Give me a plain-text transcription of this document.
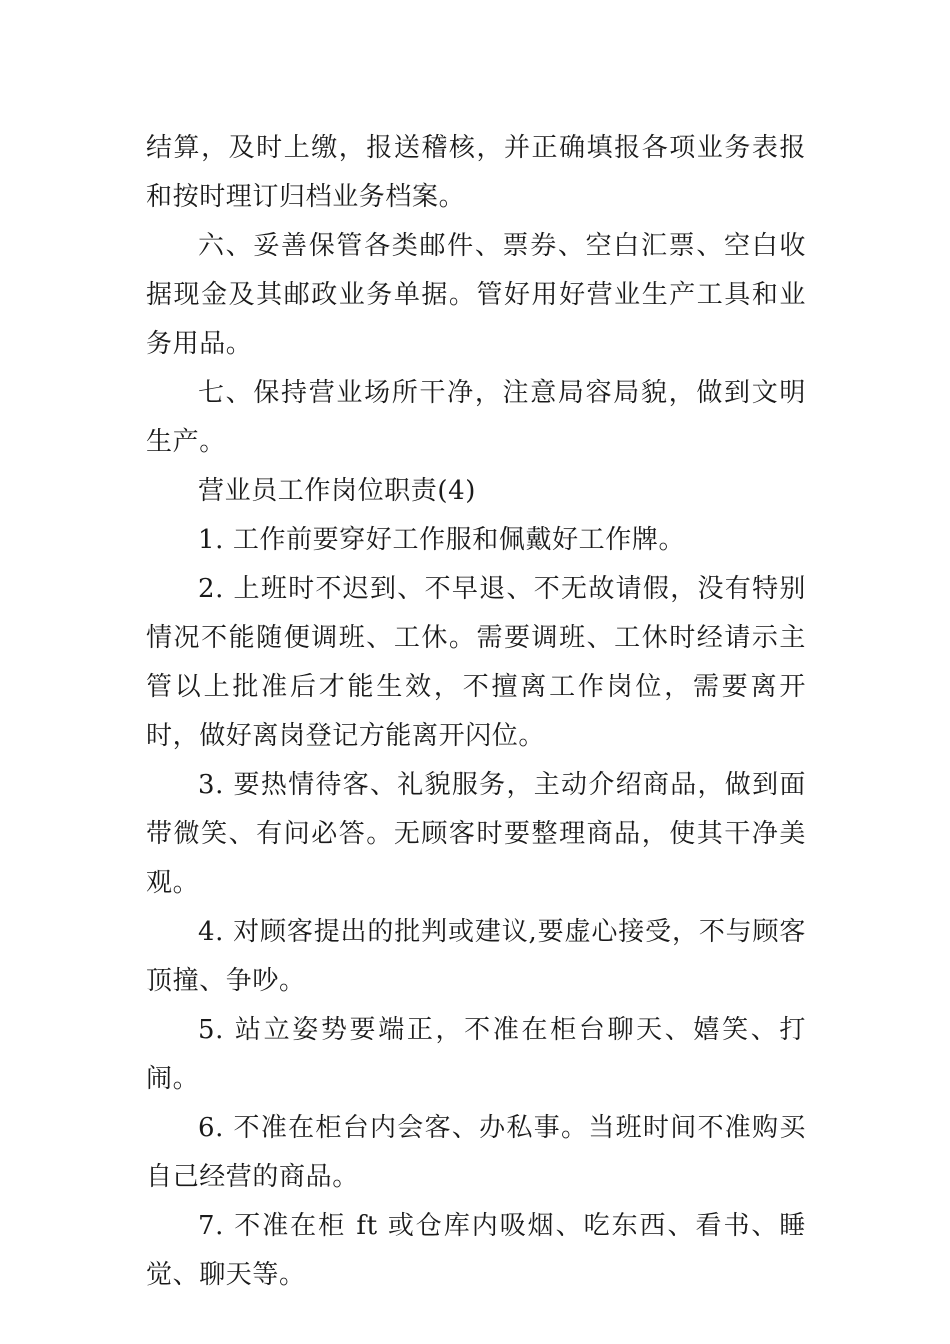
结算，及时上缴，报送稽核，并正确填报各项业务表报和按时理订归档业务档案。

六、妥善保管各类邮件、票券、空白汇票、空白收据现金及其邮政业务单据。管好用好营业生产工具和业务用品。

七、保持营业场所干净，注意局容局貌，做到文明生产。

营业员工作岗位职责(4)

1. 工作前要穿好工作服和佩戴好工作牌。

2. 上班时不迟到、不早退、不无故请假，没有特别情况不能随便调班、工休。需要调班、工休时经请示主管以上批准后才能生效，不擅离工作岗位，需要离开时，做好离岗登记方能离开闪位。

3. 要热情待客、礼貌服务，主动介绍商品，做到面带微笑、有问必答。无顾客时要整理商品，使其干净美观。

4. 对顾客提出的批判或建议,要虚心接受，不与顾客顶撞、争吵。

5. 站立姿势要端正，不准在柜台聊天、嬉笑、打闹。

6. 不准在柜台内会客、办私事。当班时间不准购买自己经营的商品。

7. 不准在柜 ft 或仓库内吸烟、吃东西、看书、睡觉、聊天等。
